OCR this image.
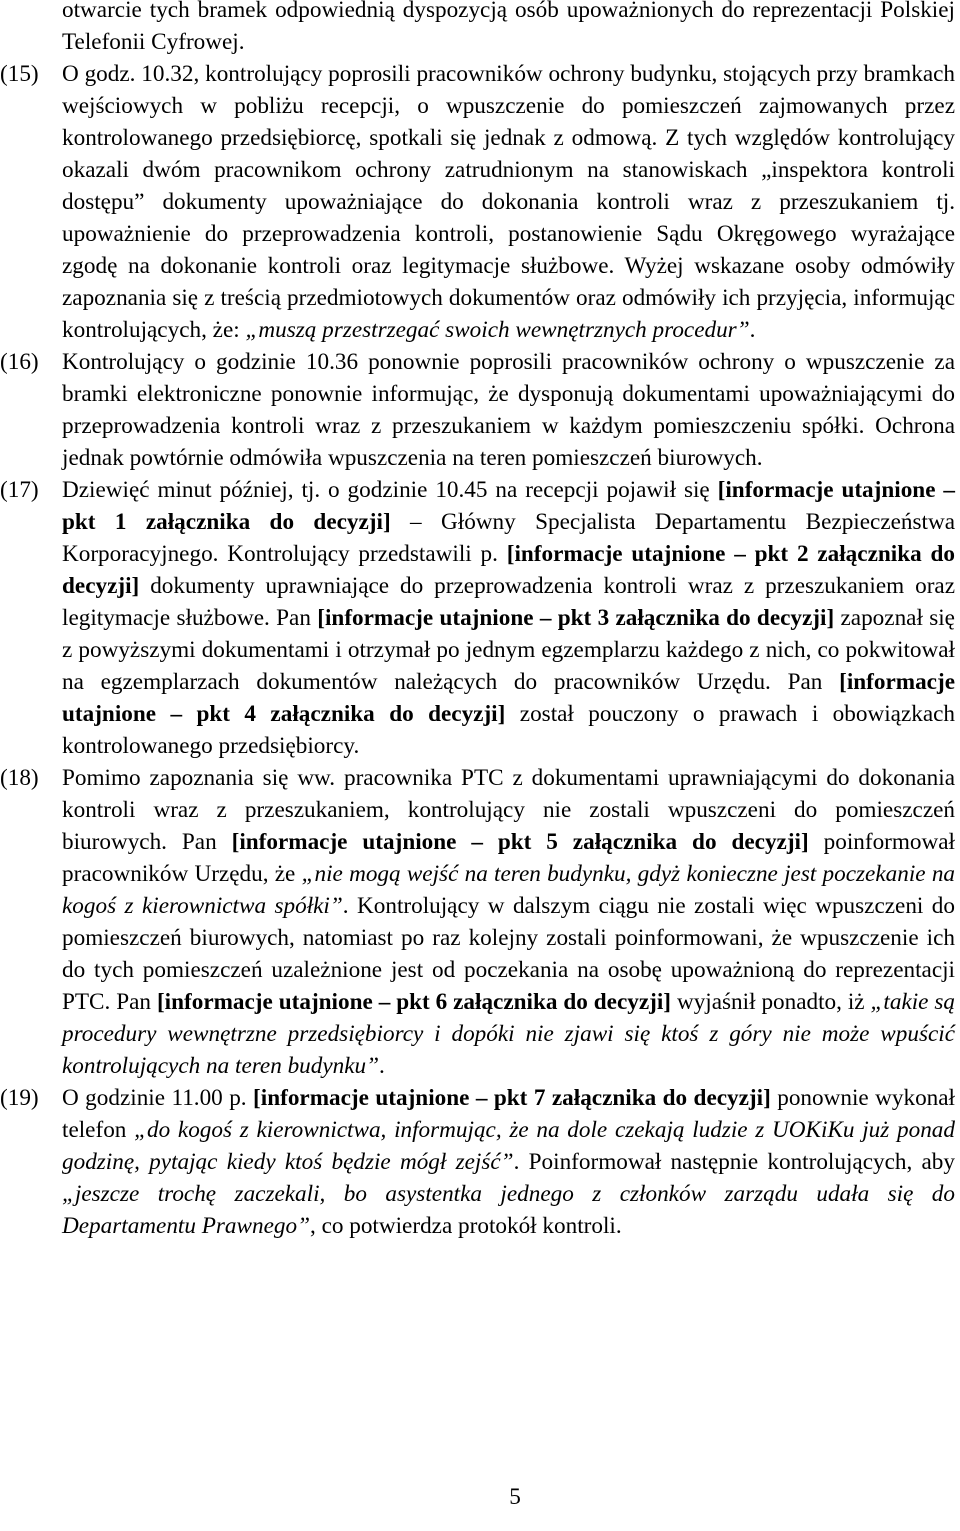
otwarcie tych bramek odpowiednią dyspozycją osób upoważnionych do reprezentacji Polskiej Telefonii Cyfrowej.

(15) O godz. 10.32, kontrolujący poprosili pracowników ochrony budynku, stojących przy bramkach wejściowych w pobliżu recepcji, o wpuszczenie do pomieszczeń zajmowanych przez kontrolowanego przedsiębiorcę, spotkali się jednak z odmową. Z tych względów kontrolujący okazali dwóm pracownikom ochrony zatrudnionym na stanowiskach „inspektora kontroli dostępu” dokumenty upoważniające do dokonania kontroli wraz z przeszukaniem tj. upoważnienie do przeprowadzenia kontroli, postanowienie Sądu Okręgowego wyrażające zgodę na dokonanie kontroli oraz legitymacje służbowe. Wyżej wskazane osoby odmówiły zapoznania się z treścią przedmiotowych dokumentów oraz odmówiły ich przyjęcia, informując kontrolujących, że: „muszą przestrzegać swoich wewnętrznych procedur”.

(16) Kontrolujący o godzinie 10.36 ponownie poprosili pracowników ochrony o wpuszczenie za bramki elektroniczne ponownie informując, że dysponują dokumentami upoważniającymi do przeprowadzenia kontroli wraz z przeszukaniem w każdym pomieszczeniu spółki. Ochrona jednak powtórnie odmówiła wpuszczenia na teren pomieszczeń biurowych.

(17) Dziewięć minut później, tj. o godzinie 10.45 na recepcji pojawił się [informacje utajnione – pkt 1 załącznika do decyzji] – Główny Specjalista Departamentu Bezpieczeństwa Korporacyjnego. Kontrolujący przedstawili p. [informacje utajnione – pkt 2 załącznika do decyzji] dokumenty uprawniające do przeprowadzenia kontroli wraz z przeszukaniem oraz legitymacje służbowe. Pan [informacje utajnione – pkt 3 załącznika do decyzji] zapoznał się z powyższymi dokumentami i otrzymał po jednym egzemplarzu każdego z nich, co pokwitował na egzemplarzach dokumentów należących do pracowników Urzędu. Pan [informacje utajnione – pkt 4 załącznika do decyzji] został pouczony o prawach i obowiązkach kontrolowanego przedsiębiorcy.

(18) Pomimo zapoznania się ww. pracownika PTC z dokumentami uprawniającymi do dokonania kontroli wraz z przeszukaniem, kontrolujący nie zostali wpuszczeni do pomieszczeń biurowych. Pan [informacje utajnione – pkt 5 załącznika do decyzji] poinformował pracowników Urzędu, że „nie mogą wejść na teren budynku, gdyż konieczne jest poczekanie na kogoś z kierownictwa spółki”. Kontrolujący w dalszym ciągu nie zostali więc wpuszczeni do pomieszczeń biurowych, natomiast po raz kolejny zostali poinformowani, że wpuszczenie ich do tych pomieszczeń uzależnione jest od poczekania na osobę upoważnioną do reprezentacji PTC. Pan [informacje utajnione – pkt 6 załącznika do decyzji] wyjaśnił ponadto, iż „takie są procedury wewnętrzne przedsiębiorcy i dopóki nie zjawi się ktoś z góry nie może wpuścić kontrolujących na teren budynku”.

(19) O godzinie 11.00 p. [informacje utajnione – pkt 7 załącznika do decyzji] ponownie wykonał telefon „do kogoś z kierownictwa, informując, że na dole czekają ludzie z UOKiKu już ponad godzinę, pytając kiedy ktoś będzie mógł zejść”. Poinformował następnie kontrolujących, aby „jeszcze trochę zaczekali, bo asystentka jednego z członków zarządu udała się do Departamentu Prawnego”, co potwierdza protokół kontroli.

5
